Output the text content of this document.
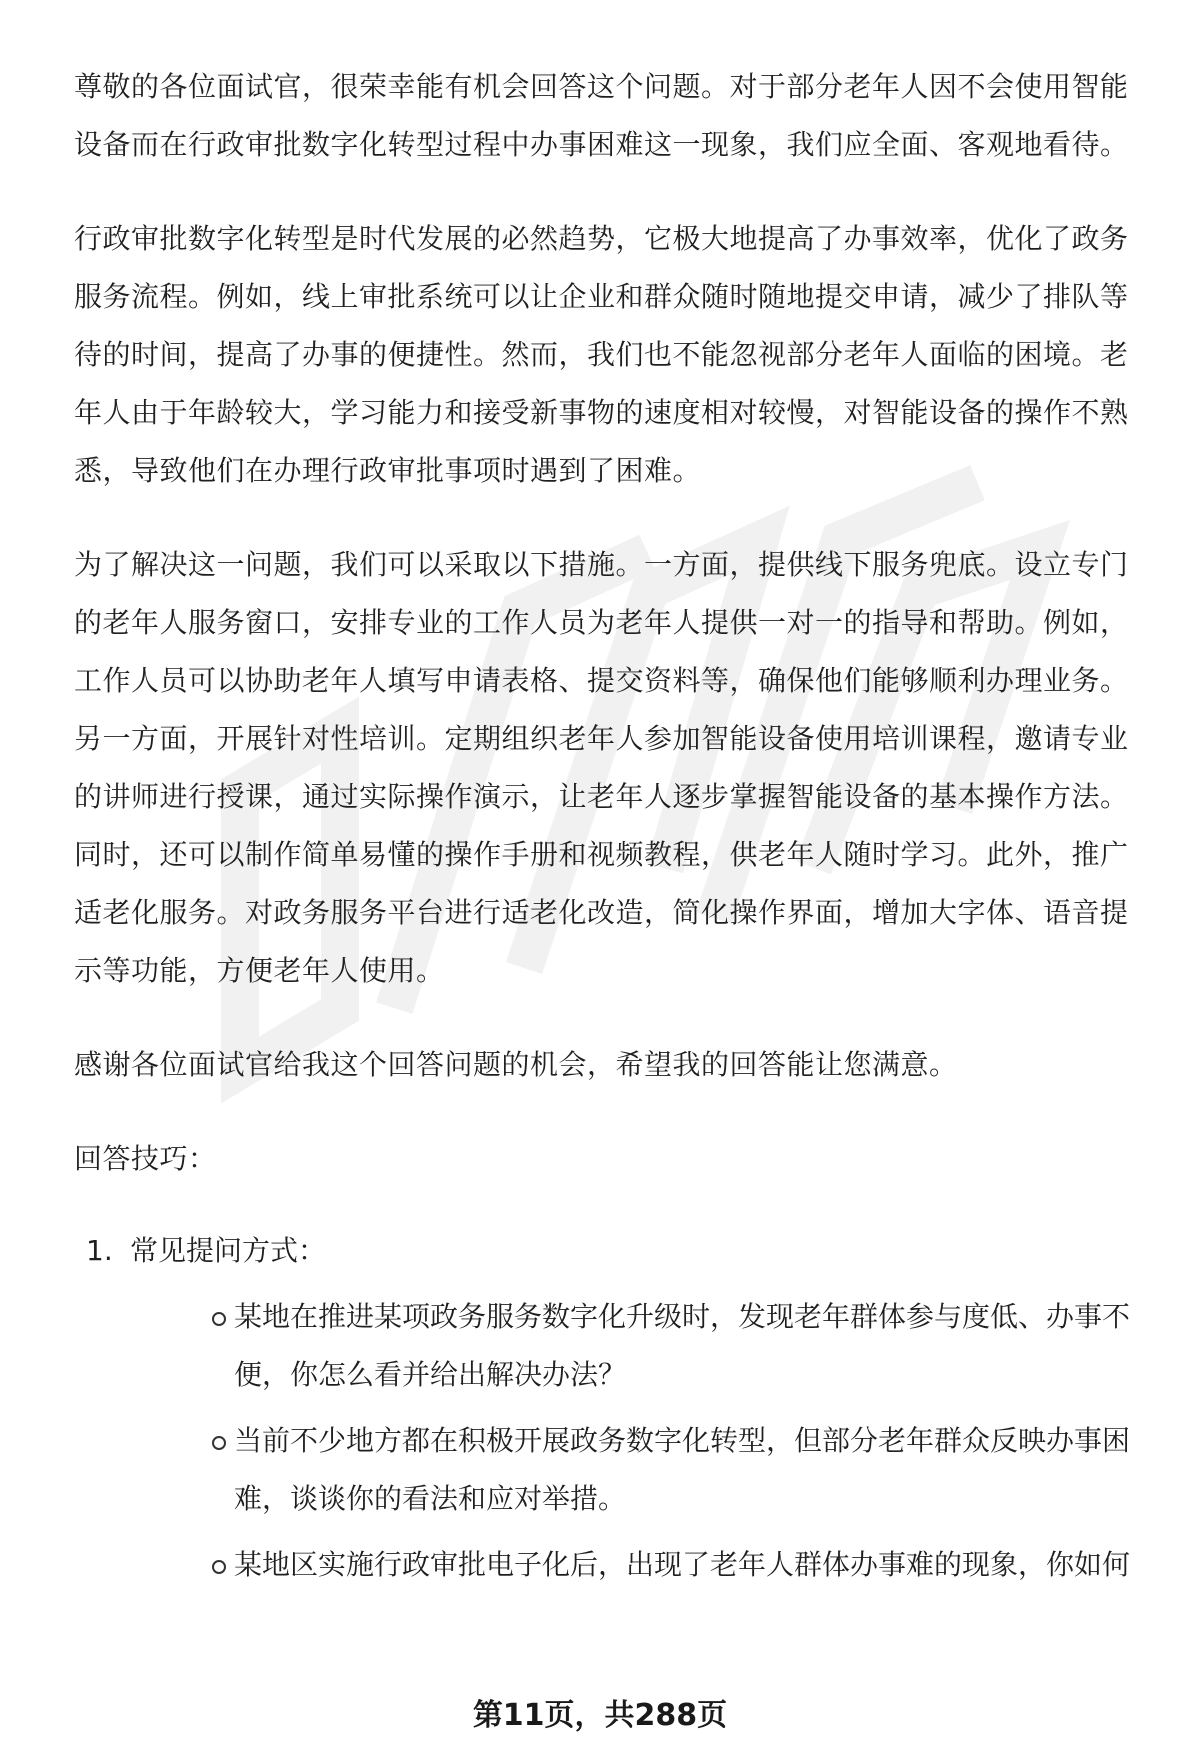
尊敬的各位面试官，很荣幸能有机会回答这个问题。对于部分老年人因不会使用智能设备而在行政审批数字化转型过程中办事困难这一现象，我们应全面、客观地看待。

行政审批数字化转型是时代发展的必然趋势，它极大地提高了办事效率，优化了政务服务流程。例如，线上审批系统可以让企业和群众随时随地提交申请，减少了排队等待的时间，提高了办事的便捷性。然而，我们也不能忽视部分老年人面临的困境。老年人由于年龄较大，学习能力和接受新事物的速度相对较慢，对智能设备的操作不熟悉，导致他们在办理行政审批事项时遇到了困难。

为了解决这一问题，我们可以采取以下措施。一方面，提供线下服务兜底。设立专门的老年人服务窗口，安排专业的工作人员为老年人提供一对一的指导和帮助。例如，工作人员可以协助老年人填写申请表格、提交资料等，确保他们能够顺利办理业务。另一方面，开展针对性培训。定期组织老年人参加智能设备使用培训课程，邀请专业的讲师进行授课，通过实际操作演示，让老年人逐步掌握智能设备的基本操作方法。同时，还可以制作简单易懂的操作手册和视频教程，供老年人随时学习。此外，推广适老化服务。对政务服务平台进行适老化改造，简化操作界面，增加大字体、语音提示等功能，方便老年人使用。

感谢各位面试官给我这个回答问题的机会，希望我的回答能让您满意。

回答技巧：

1. 常见提问方式：
某地在推进某项政务服务数字化升级时，发现老年群体参与度低、办事不便，你怎么看并给出解决办法？
当前不少地方都在积极开展政务数字化转型，但部分老年群众反映办事困难，谈谈你的看法和应对举措。
某地区实施行政审批电子化后，出现了老年人群体办事难的现象，你如何
第11页，共288页
